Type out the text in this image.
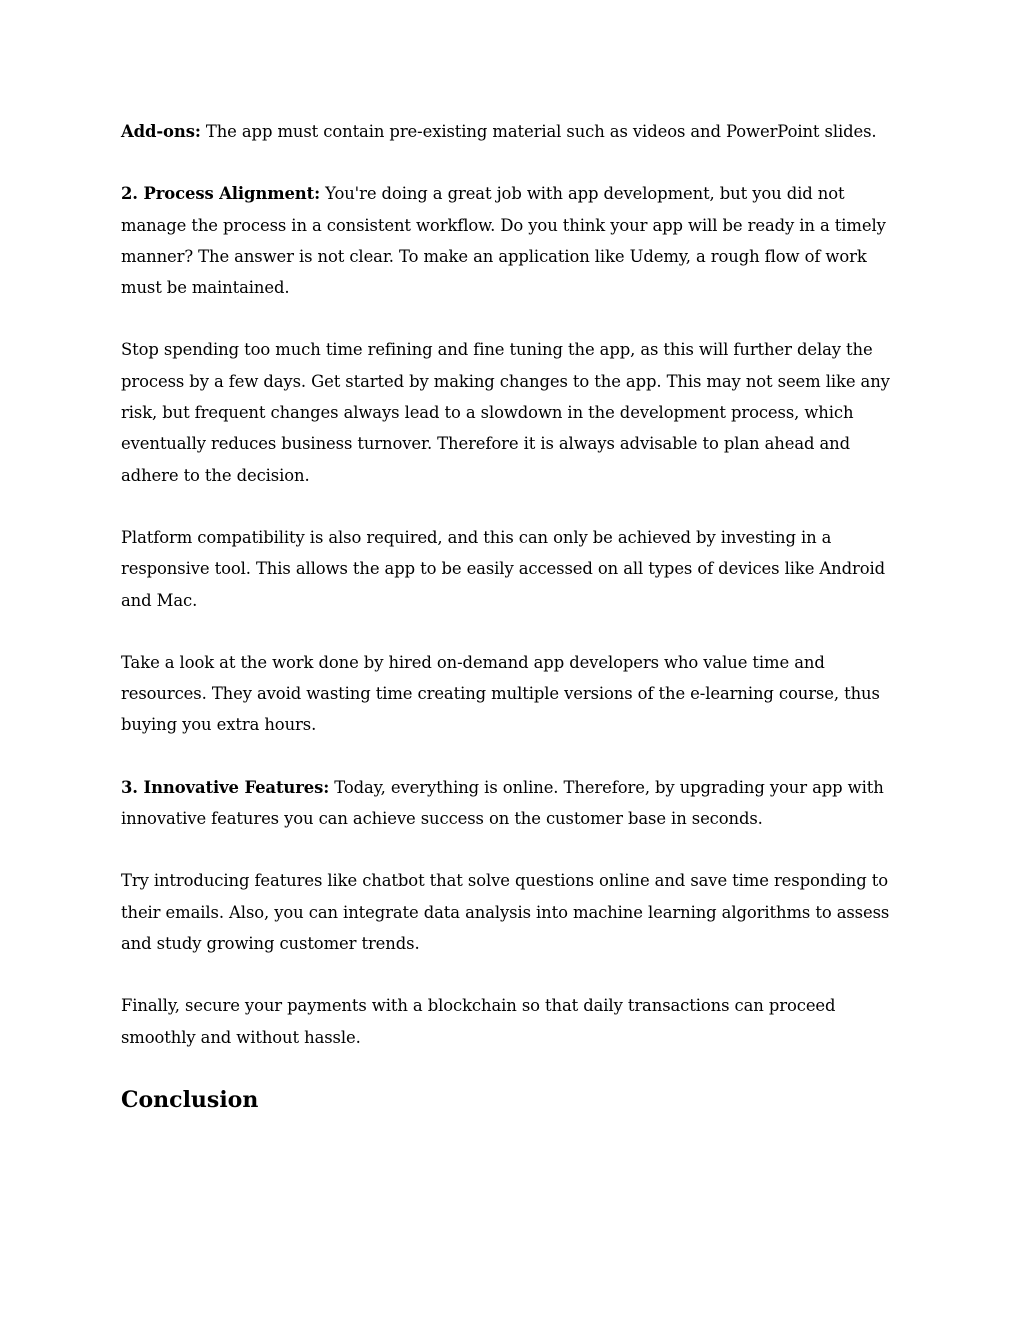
Add-ons: The app must contain pre-existing material such as videos and PowerPoint slides.

2. Process Alignment: You're doing a great job with app development, but you did not manage the process in a consistent workflow. Do you think your app will be ready in a timely manner? The answer is not clear. To make an application like Udemy, a rough flow of work must be maintained.

Stop spending too much time refining and fine tuning the app, as this will further delay the process by a few days. Get started by making changes to the app. This may not seem like any risk, but frequent changes always lead to a slowdown in the development process, which eventually reduces business turnover. Therefore it is always advisable to plan ahead and adhere to the decision.

Platform compatibility is also required, and this can only be achieved by investing in a responsive tool. This allows the app to be easily accessed on all types of devices like Android and Mac.

Take a look at the work done by hired on-demand app developers who value time and resources. They avoid wasting time creating multiple versions of the e-learning course, thus buying you extra hours.

3. Innovative Features: Today, everything is online. Therefore, by upgrading your app with innovative features you can achieve success on the customer base in seconds.

Try introducing features like chatbot that solve questions online and save time responding to their emails. Also, you can integrate data analysis into machine learning algorithms to assess and study growing customer trends.

Finally, secure your payments with a blockchain so that daily transactions can proceed smoothly and without hassle.

Conclusion
